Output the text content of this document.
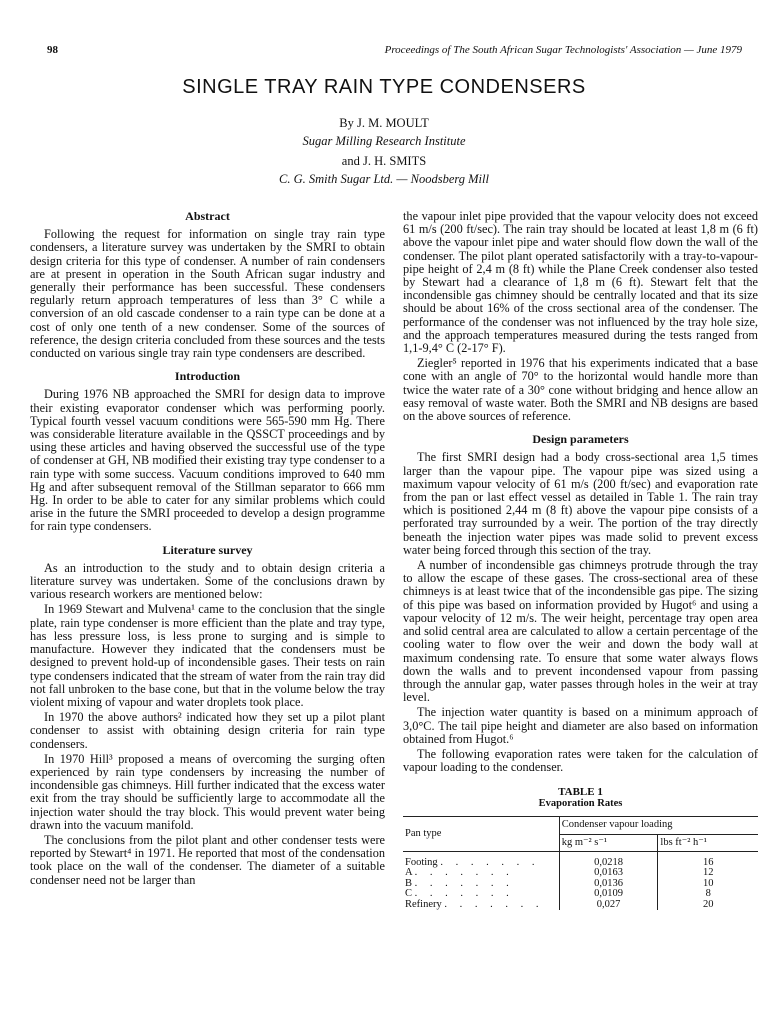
98	Proceedings of The South African Sugar Technologists' Association — June 1979
SINGLE TRAY RAIN TYPE CONDENSERS
By J. M. MOULT
Sugar Milling Research Institute
and J. H. SMITS
C. G. Smith Sugar Ltd. — Noodsberg Mill
Abstract

Following the request for information on single tray rain type condensers, a literature survey was undertaken by the SMRI to obtain design criteria for this type of condenser. A number of rain condensers are at present in operation in the South African sugar industry and generally their performance has been successful. These condensers regularly return approach temperatures of less than 3° C while a conversion of an old cascade condenser to a rain type can be done at a cost of only one tenth of a new condenser. Some of the sources of reference, the design criteria concluded from these sources and the tests conducted on various single tray rain type condensers are described.

Introduction

During 1976 NB approached the SMRI for design data to improve their existing evaporator condenser which was performing poorly. Typical fourth vessel vacuum conditions were 565-590 mm Hg. There was considerable literature available in the QSSCT proceedings and by using these articles and having observed the successful use of the type of condenser at GH, NB modified their existing tray type condenser to a rain type with some success. Vacuum conditions improved to 640 mm Hg and after subsequent removal of the Stillman separator to 666 mm Hg. In order to be able to cater for any similar problems which could arise in the future the SMRI proceeded to develop a design programme for rain type condensers.

Literature survey

As an introduction to the study and to obtain design criteria a literature survey was undertaken. Some of the conclusions drawn by various research workers are mentioned below:

In 1969 Stewart and Mulvena¹ came to the conclusion that the single plate, rain type condenser is more efficient than the plate and tray type, has less pressure loss, is less prone to surging and is simple to manufacture. However they indicated that the condensers must be designed to prevent hold-up of incondensible gases. Their tests on rain type condensers indicated that the stream of water from the rain tray did not fall unbroken to the base cone, but that in the volume below the tray violent mixing of vapour and water droplets took place.

In 1970 the above authors² indicated how they set up a pilot plant condenser to assist with obtaining design criteria for rain type condensers.

In 1970 Hill³ proposed a means of overcoming the surging often experienced by rain type condensers by increasing the number of incondensible gas chimneys. Hill further indicated that the excess water exit from the tray should be sufficiently large to accommodate all the injection water should the tray block. This would prevent water being drawn into the vacuum manifold.

The conclusions from the pilot plant and other condenser tests were reported by Stewart⁴ in 1971. He reported that most of the condensation took place on the wall of the condenser. The diameter of a suitable condenser need not be larger than

the vapour inlet pipe provided that the vapour velocity does not exceed 61 m/s (200 ft/sec). The rain tray should be located at least 1,8 m (6 ft) above the vapour inlet pipe and water should flow down the wall of the condenser. The pilot plant operated satisfactorily with a tray-to-vapour-pipe height of 2,4 m (8 ft) while the Plane Creek condenser also tested by Stewart had a clearance of 1,8 m (6 ft). Stewart felt that the incondensible gas chimney should be centrally located and that its size should be about 16% of the cross sectional area of the condenser. The performance of the condenser was not influenced by the tray hole size, and the approach temperatures measured during the tests ranged from 1,1-9,4° C (2-17° F).

Ziegler⁵ reported in 1976 that his experiments indicated that a base cone with an angle of 70° to the horizontal would handle more than twice the water rate of a 30° cone without bridging and hence allow an easy removal of waste water. Both the SMRI and NB designs are based on the above sources of reference.

Design parameters

The first SMRI design had a body cross-sectional area 1,5 times larger than the vapour pipe. The vapour pipe was sized using a maximum vapour velocity of 61 m/s (200 ft/sec) and evaporation rate from the pan or last effect vessel as detailed in Table 1. The rain tray which is positioned 2,44 m (8 ft) above the vapour pipe consists of a perforated tray surrounded by a weir. The portion of the tray directly beneath the injection water pipes was made solid to prevent excess water being forced through this section of the tray.

A number of incondensible gas chimneys protrude through the tray to allow the escape of these gases. The cross-sectional area of these chimneys is at least twice that of the incondensible gas pipe. The sizing of this pipe was based on information provided by Hugot⁶ and using a vapour velocity of 12 m/s. The weir height, percentage tray open area and solid central area are calculated to allow a certain percentage of the cooling water to flow over the weir and down the body wall at maximum condensing rate. To ensure that some water always flows down the walls and to prevent incondensed vapour from passing through the annular gap, water passes through holes in the weir at tray level.

The injection water quantity is based on a minimum approach of 3,0°C. The tail pipe height and diameter are also based on information obtained from Hugot.⁶

The following evaporation rates were taken for the calculation of vapour loading to the condenser.

TABLE 1
Evaporation Rates
Pan type	Condenser vapour loading	
	kg m⁻² s⁻¹	lbs ft⁻² h⁻¹

Footing . . . . . . .	0,0218	16
A . . . . . . .	0,0163	12
B . . . . . . .	0,0136	10
C . . . . . . .	0,0109	8
Refinery . . . . . . .	0,027	20
